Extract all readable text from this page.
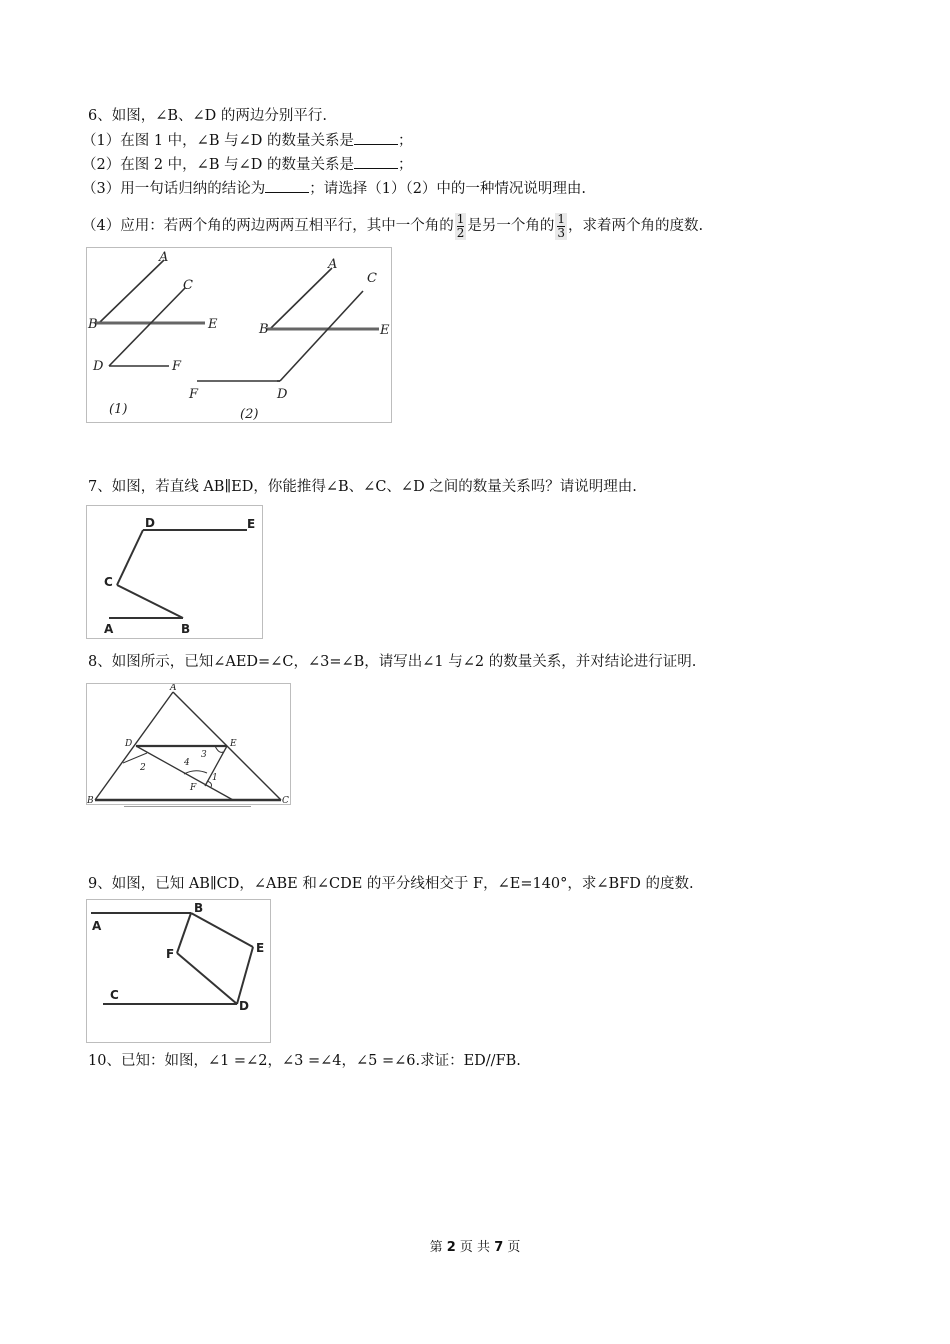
6、如图，∠B、∠D 的两边分别平行.
（1）在图 1 中，∠B 与∠D 的数量关系是	；
（2）在图 2 中，∠B 与∠D 的数量关系是	；
（3）用一句话归纳的结论为	；请选择（1）（2）中的一种情况说明理由.
（4）应用：若两个角的两边两两互相平行，其中一个角的 $\frac{1}{2}$ 是另一个角的 $\frac{1}{3}$ ，求着两个角的度数.
A
C
B	E
D	F
(1)
A
C
B	E
F	D
(2)
7、如图，若直线 AB∥ED，你能推得∠B、∠C、∠D 之间的数量关系吗？请说明理由.
D	E
C
A	B
8、如图所示，已知∠AED=∠C，∠3=∠B，请写出∠1 与∠2 的数量关系，并对结论进行证明.
A
D	E
B	C
F
1
2
3
4
9、如图，已知 AB∥CD，∠ABE 和∠CDE 的平分线相交于 F，∠E=140°，求∠BFD 的度数.
A
B
E
F
C
D
10、已知：如图，∠1 =∠2，∠3 =∠4，∠5 =∠6.求证：ED//FB.
第 2 页 共 7 页
